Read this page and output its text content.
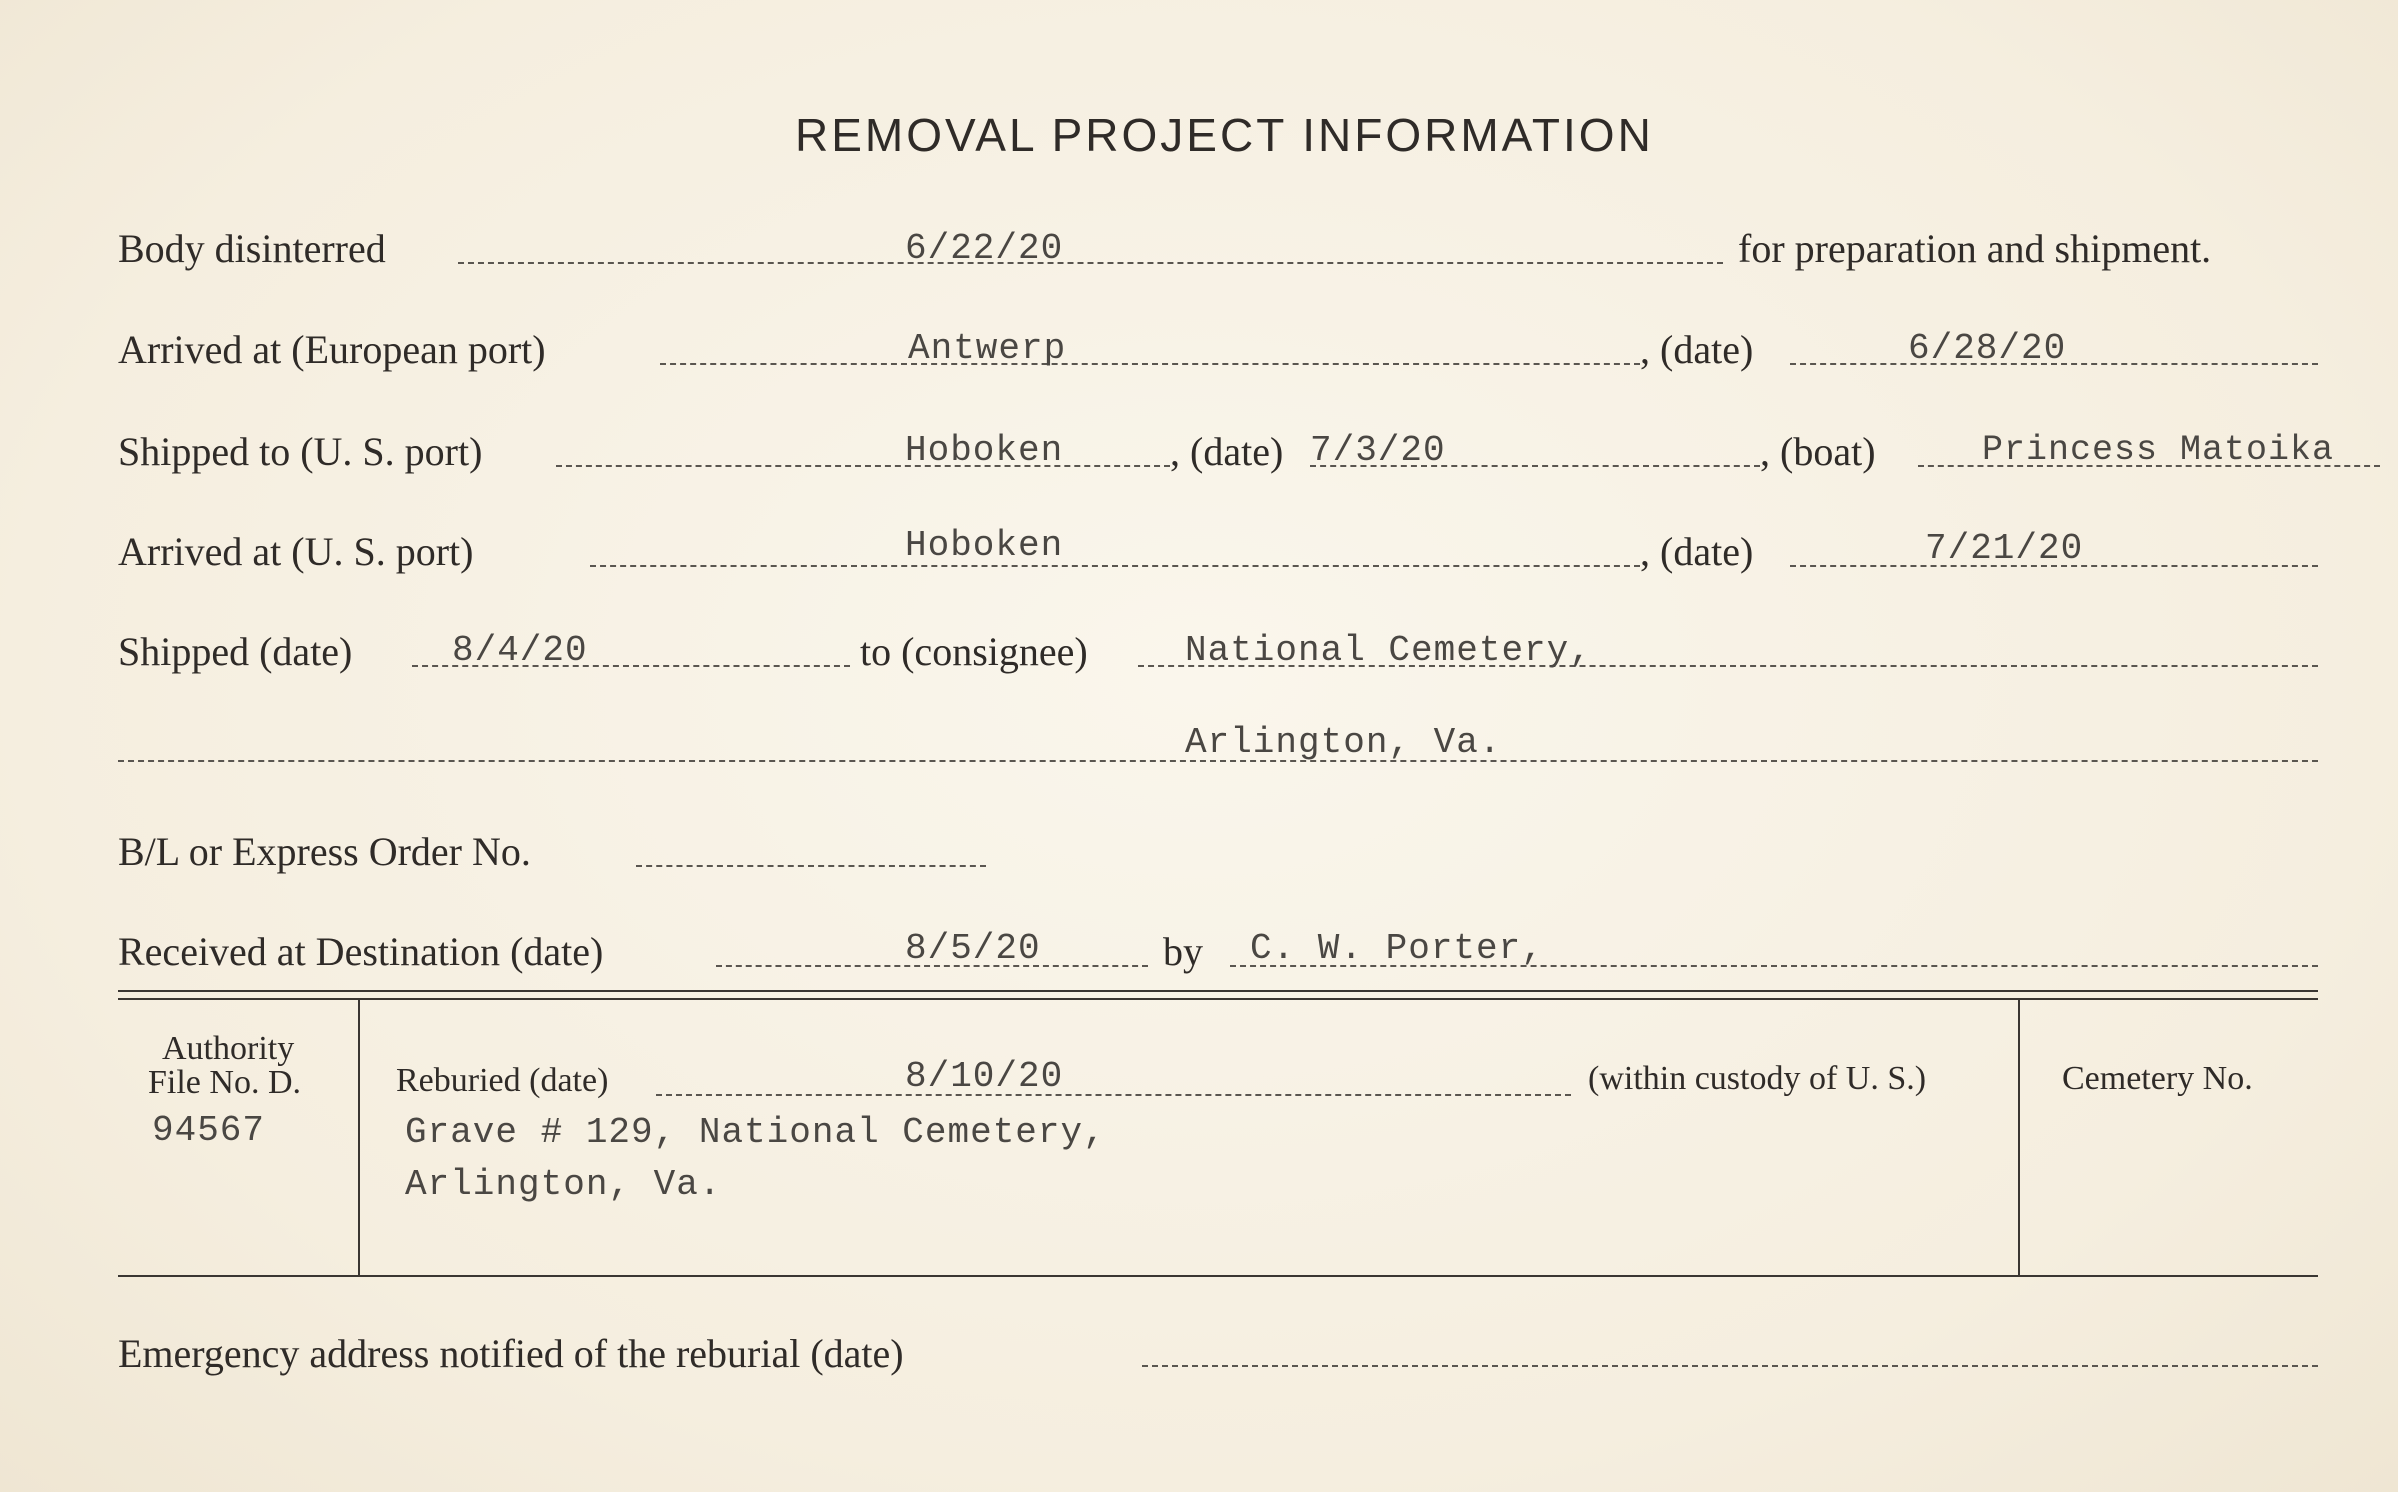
REMOVAL PROJECT INFORMATION
Body disinterred	6/22/20	for preparation and shipment.
Arrived at (European port)	Antwerp	, (date)	6/28/20
Shipped to (U. S. port)	Hoboken	, (date) 7/3/20	, (boat)	Princess Matoika
Arrived at (U. S. port)	Hoboken	, (date)	7/21/20
Shipped (date)	8/4/20	to (consignee)	National Cemetery,
Arlington, Va.
B/L or Express Order No.
Received at Destination (date)	8/5/20	by C. W. Porter,
Authority
File No. D.
94567
Reburied (date)	8/10/20	(within custody of U. S.)
Grave # 129, National Cemetery,
Arlington, Va.
Cemetery No.
Emergency address notified of the reburial (date)
